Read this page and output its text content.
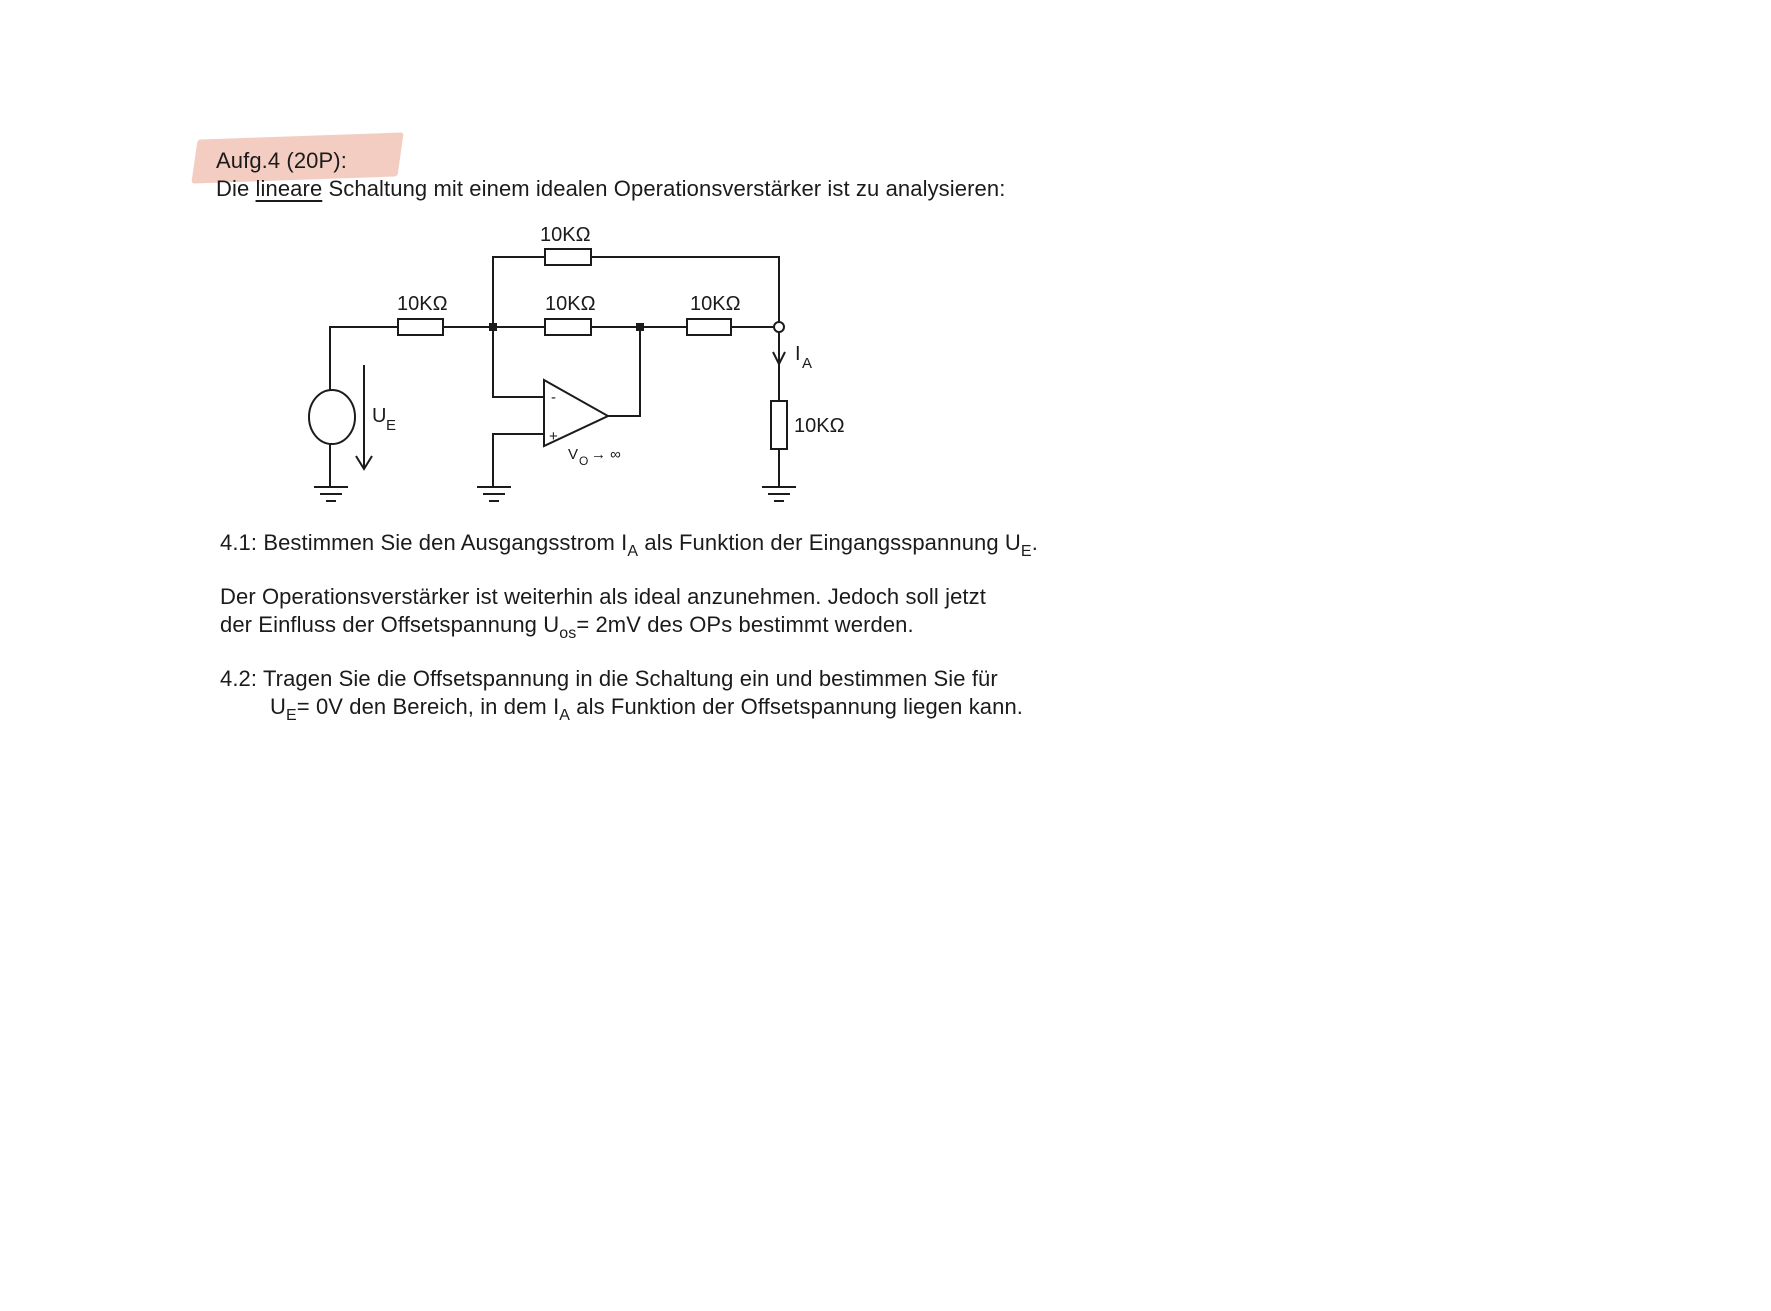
Aufg.4 (20P):
Die lineare Schaltung mit einem idealen Operationsverstärker ist zu analysieren:
10KΩ
10KΩ	10KΩ	10KΩ
10KΩ
U E
I A
-
+
V O → ∞
4.1: Bestimmen Sie den Ausgangsstrom $I_A$ als Funktion der Eingangsspannung $U_E$.
Der Operationsverstärker ist weiterhin als ideal anzunehmen. Jedoch soll jetzt
der Einfluss der Offsetspannung $U_{os}= 2mV$ des OPs bestimmt werden.
4.2: Tragen Sie die Offsetspannung in die Schaltung ein und bestimmen Sie für
$U_E= 0V$ den Bereich, in dem $I_A$ als Funktion der Offsetspannung liegen kann.
